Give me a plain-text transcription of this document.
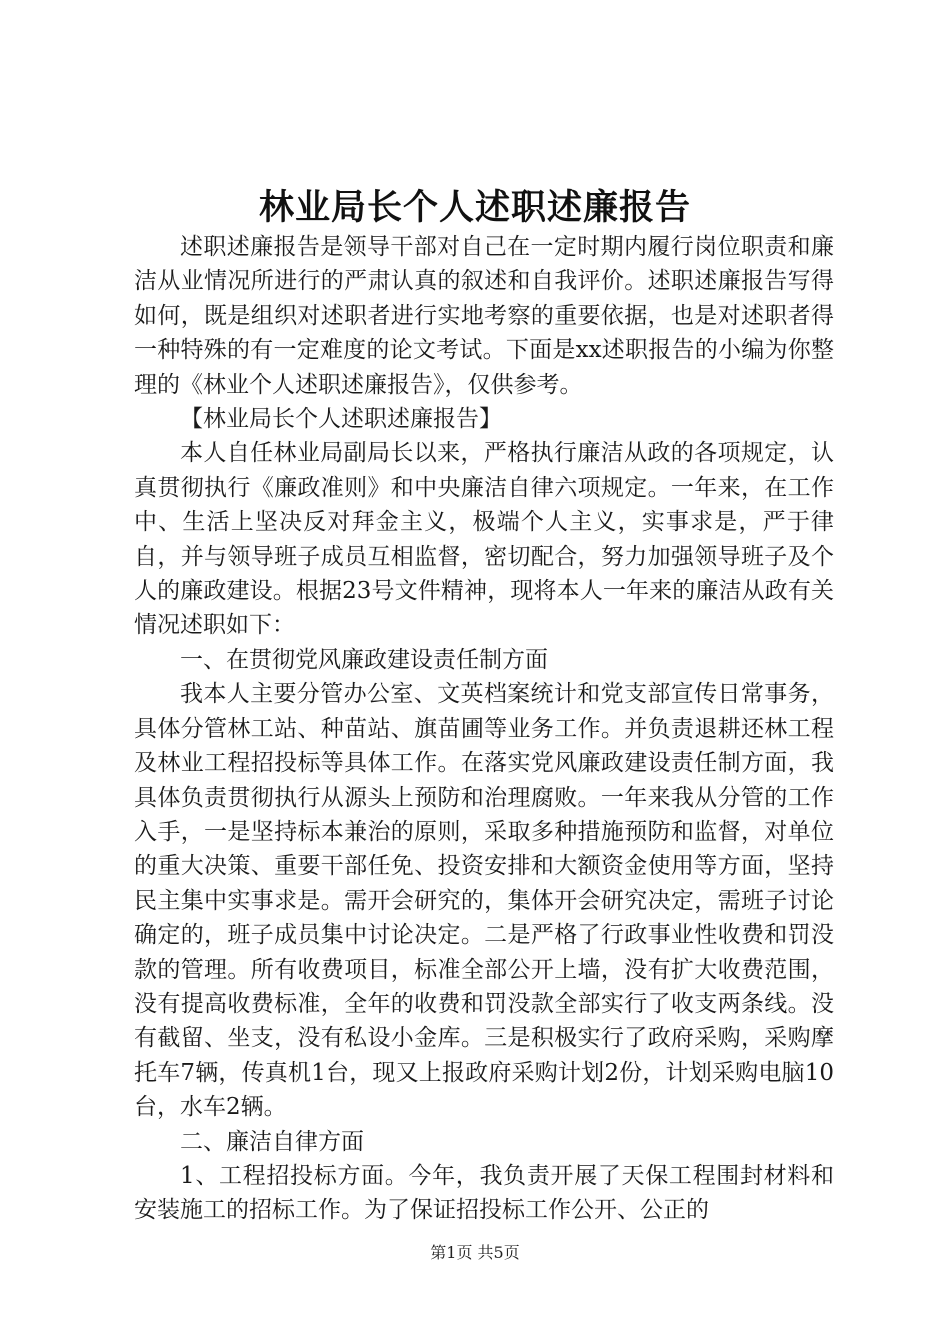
林业局长个人述职述廉报告

述职述廉报告是领导干部对自己在一定时期内履行岗位职责和廉洁从业情况所进行的严肃认真的叙述和自我评价。述职述廉报告写得如何，既是组织对述职者进行实地考察的重要依据，也是对述职者得一种特殊的有一定难度的论文考试。下面是xx述职报告的小编为你整理的《林业个人述职述廉报告》，仅供参考。

【林业局长个人述职述廉报告】

本人自任林业局副局长以来，严格执行廉洁从政的各项规定，认真贯彻执行《廉政准则》和中央廉洁自律六项规定。一年来，在工作中、生活上坚决反对拜金主义，极端个人主义，实事求是，严于律自，并与领导班子成员互相监督，密切配合，努力加强领导班子及个人的廉政建设。根据23号文件精神，现将本人一年来的廉洁从政有关情况述职如下：

一、在贯彻党风廉政建设责任制方面

我本人主要分管办公室、文英档案统计和党支部宣传日常事务，具体分管林工站、种苗站、旗苗圃等业务工作。并负责退耕还林工程及林业工程招投标等具体工作。在落实党风廉政建设责任制方面，我具体负责贯彻执行从源头上预防和治理腐败。一年来我从分管的工作入手，一是坚持标本兼治的原则，采取多种措施预防和监督，对单位的重大决策、重要干部任免、投资安排和大额资金使用等方面，坚持民主集中实事求是。需开会研究的，集体开会研究决定，需班子讨论确定的，班子成员集中讨论决定。二是严格了行政事业性收费和罚没款的管理。所有收费项目，标准全部公开上墙，没有扩大收费范围，没有提高收费标准，全年的收费和罚没款全部实行了收支两条线。没有截留、坐支，没有私设小金库。三是积极实行了政府采购，采购摩托车7辆，传真机1台，现又上报政府采购计划2份，计划采购电脑10台，水车2辆。

二、廉洁自律方面

1、工程招投标方面。今年，我负责开展了天保工程围封材料和安装施工的招标工作。为了保证招投标工作公开、公正的

第1页 共5页
